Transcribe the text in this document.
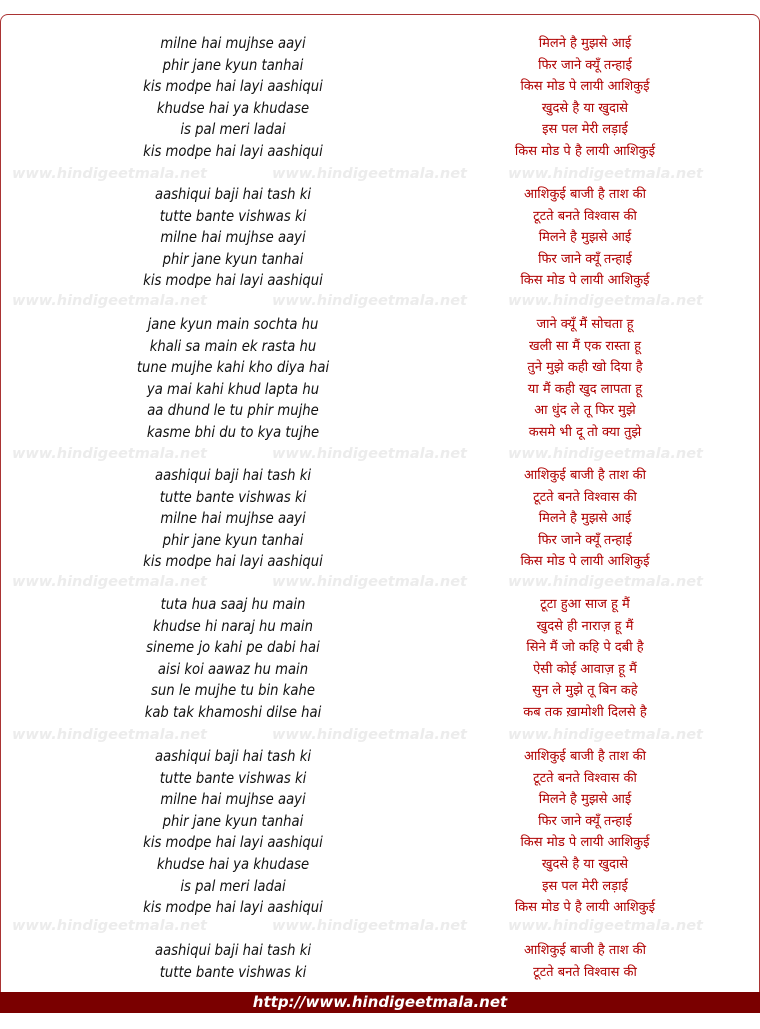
www.hindigeetmala.net	www.hindigeetmala.net	www.hindigeetmala.net
www.hindigeetmala.net	www.hindigeetmala.net	www.hindigeetmala.net
www.hindigeetmala.net	www.hindigeetmala.net	www.hindigeetmala.net
www.hindigeetmala.net	www.hindigeetmala.net	www.hindigeetmala.net
www.hindigeetmala.net	www.hindigeetmala.net	www.hindigeetmala.net
www.hindigeetmala.net	www.hindigeetmala.net	www.hindigeetmala.net
milne hai mujhse aayi	मिलने है मुझसे आई
phir jane kyun tanhai	फिर जाने क्यूँ तन्हाई
kis modpe hai layi aashiqui	किस मोड पे लायी आशिकुई
khudse hai ya khudase	खुदसे है या खुदासे
is pal meri ladai	इस पल मेरी लड़ाई
kis modpe hai layi aashiqui	किस मोड पे है लायी आशिकुई
aashiqui baji hai tash ki	आशिकुई बाजी है ताश की
tutte bante vishwas ki	टूटते बनते विश्वास की
milne hai mujhse aayi	मिलने है मुझसे आई
phir jane kyun tanhai	फिर जाने क्यूँ तन्हाई
kis modpe hai layi aashiqui	किस मोड पे लायी आशिकुई
jane kyun main sochta hu	जाने क्यूँ मैं सोचता हू
khali sa main ek rasta hu	खली सा मैं एक रास्ता हू
tune mujhe kahi kho diya hai	तुने मुझे कही खो दिया है
ya mai kahi khud lapta hu	या मैं कही खुद लापता हू
aa dhund le tu phir mujhe	आ धुंद ले तू फिर मुझे
kasme bhi du to kya tujhe	कसमे भी दू तो क्या तुझे
aashiqui baji hai tash ki	आशिकुई बाजी है ताश की
tutte bante vishwas ki	टूटते बनते विश्वास की
milne hai mujhse aayi	मिलने है मुझसे आई
phir jane kyun tanhai	फिर जाने क्यूँ तन्हाई
kis modpe hai layi aashiqui	किस मोड पे लायी आशिकुई
tuta hua saaj hu main	टूटा हुआ साज हू मैं
khudse hi naraj hu main	खुदसे ही नाराज़ हू मैं
sineme jo kahi pe dabi hai	सिने मैं जो कहि पे दबी है
aisi koi aawaz hu main	ऐसी कोई आवाज़ हू मैं
sun le mujhe tu bin kahe	सुन ले मुझे तू बिन कहे
kab tak khamoshi dilse hai	कब तक ख़ामोशी दिलसे है
aashiqui baji hai tash ki	आशिकुई बाजी है ताश की
tutte bante vishwas ki	टूटते बनते विश्वास की
milne hai mujhse aayi	मिलने है मुझसे आई
phir jane kyun tanhai	फिर जाने क्यूँ तन्हाई
kis modpe hai layi aashiqui	किस मोड पे लायी आशिकुई
khudse hai ya khudase	खुदसे है या खुदासे
is pal meri ladai	इस पल मेरी लड़ाई
kis modpe hai layi aashiqui	किस मोड पे है लायी आशिकुई
aashiqui baji hai tash ki	आशिकुई बाजी है ताश की
tutte bante vishwas ki	टूटते बनते विश्वास की
http://www.hindigeetmala.net
